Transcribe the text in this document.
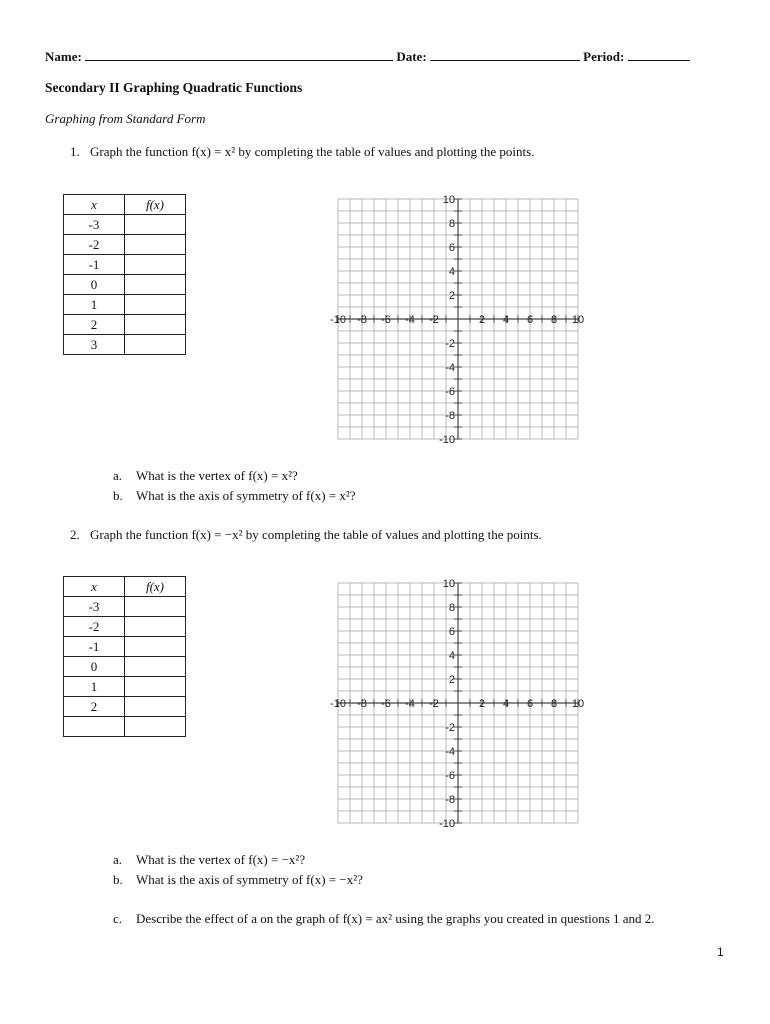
Name:	Date:	Period:
Secondary II Graphing Quadratic Functions
Graphing from Standard Form
1. Graph the function f(x) = x² by completing the table of values and plotting the points.
x	f(x)
-3	
-2	
-1	
0	
1	
2	
3	
-10 -8 -6 -4 -2	2 4 6 8 10
10
8
6
4
2
-2
-4
-6
-8
-10
a. What is the vertex of f(x) = x²?
b. What is the axis of symmetry of f(x) = x²?
2. Graph the function f(x) = −x² by completing the table of values and plotting the points.
x	f(x)
-3	
-2	
-1	
0	
1	
2	
		-10 -8 -6 -4 -2	2 4 6 8 10
10
8
6
4
2
-2
-4
-6
-8
-10
a. What is the vertex of f(x) = −x²?
b. What is the axis of symmetry of f(x) = −x²?
c. Describe the effect of a on the graph of f(x) = ax² using the graphs you created in questions 1 and 2.
1
